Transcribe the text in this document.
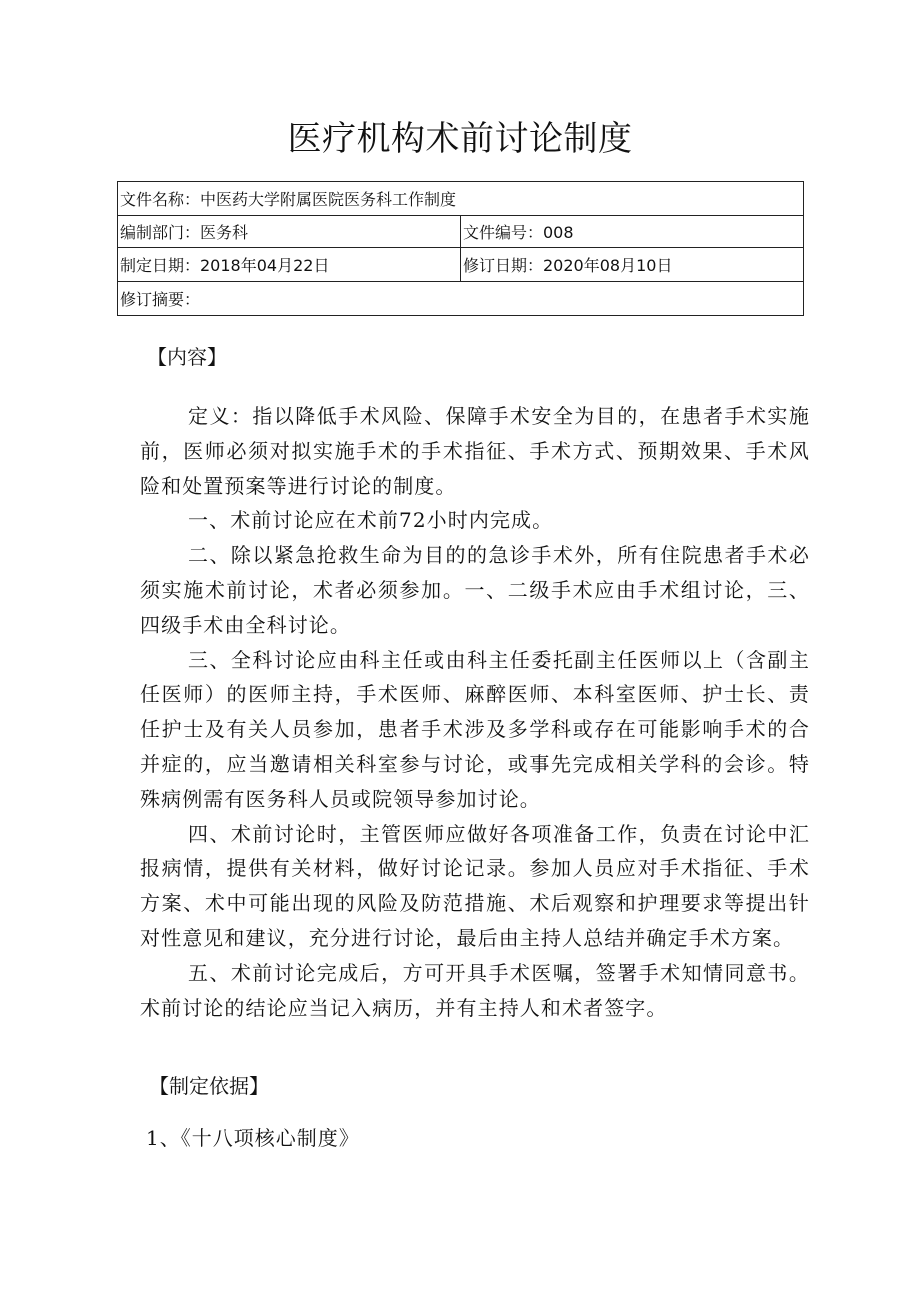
医疗机构术前讨论制度
文件名称：中医药大学附属医院医务科工作制度	
编制部门：医务科	文件编号：008
制定日期：2018年04月22日	修订日期：2020年08月10日
修订摘要：	
【内容】

定义：指以降低手术风险、保障手术安全为目的，在患者手术实施前，医师必须对拟实施手术的手术指征、手术方式、预期效果、手术风险和处置预案等进行讨论的制度。

一、术前讨论应在术前72小时内完成。

二、除以紧急抢救生命为目的的急诊手术外，所有住院患者手术必须实施术前讨论，术者必须参加。一、二级手术应由手术组讨论，三、四级手术由全科讨论。

三、全科讨论应由科主任或由科主任委托副主任医师以上（含副主任医师）的医师主持，手术医师、麻醉医师、本科室医师、护士长、责任护士及有关人员参加，患者手术涉及多学科或存在可能影响手术的合并症的，应当邀请相关科室参与讨论，或事先完成相关学科的会诊。特殊病例需有医务科人员或院领导参加讨论。

四、术前讨论时，主管医师应做好各项准备工作，负责在讨论中汇报病情，提供有关材料，做好讨论记录。参加人员应对手术指征、手术方案、术中可能出现的风险及防范措施、术后观察和护理要求等提出针对性意见和建议，充分进行讨论，最后由主持人总结并确定手术方案。

五、术前讨论完成后，方可开具手术医嘱，签署手术知情同意书。术前讨论的结论应当记入病历，并有主持人和术者签字。

【制定依据】
1、《十八项核心制度》
